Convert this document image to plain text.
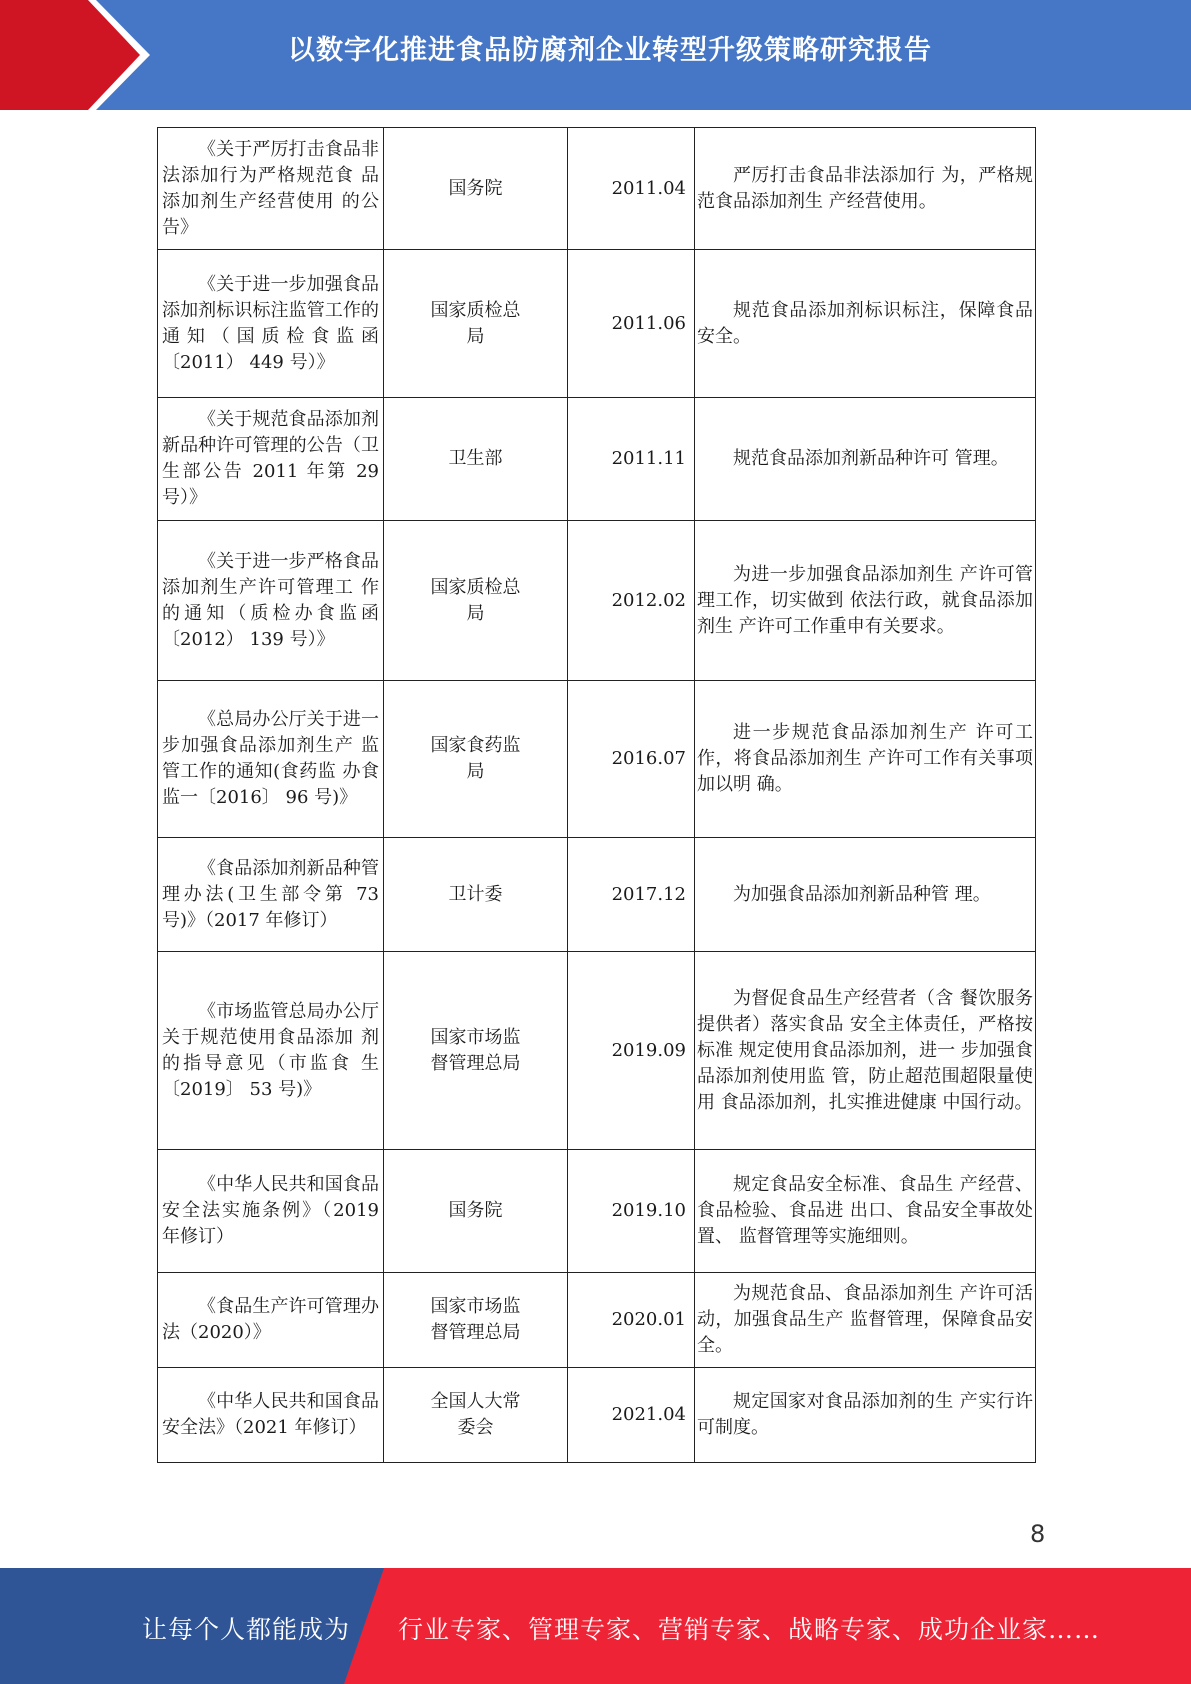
以数字化推进食品防腐剂企业转型升级策略研究报告
《关于严厉打击食品非 法添加行为严格规范食 品添加剂生产经营使用 的公告》	国务院	2011.04	严厉打击食品非法添加行 为，严格规范食品添加剂生 产经营使用。
《关于进一步加强食品 添加剂标识标注监管工作的通知（国质检食监函〔2011） 449 号）》	国家质检总局	2011.06	规范食品添加剂标识标注，保障食品安全。
《关于规范食品添加剂 新品种许可管理的公告（卫生部公告 2011 年第 29 号）》	卫生部	2011.11	规范食品添加剂新品种许可 管理。
《关于进一步严格食品 添加剂生产许可管理工 作的通知（质检办食监函〔2012） 139 号）》	国家质检总局	2012.02	为进一步加强食品添加剂生 产许可管理工作，切实做到 依法行政，就食品添加剂生 产许可工作重申有关要求。
《总局办公厅关于进一 步加强食品添加剂生产 监管工作的通知(食药监 办食监一〔2016〕 96 号)》	国家食药监局	2016.07	进一步规范食品添加剂生产 许可工作，将食品添加剂生 产许可工作有关事项加以明 确。
《食品添加剂新品种管 理办法(卫生部令第 73 号)》（2017 年修订）	卫计委	2017.12	为加强食品添加剂新品种管 理。
《市场监管总局办公厅 关于规范使用食品添加 剂的指导意见（市监食 生〔2019〕 53 号)》	国家市场监督管理总局	2019.09	为督促食品生产经营者（含 餐饮服务提供者）落实食品 安全主体责任，严格按标准 规定使用食品添加剂，进一 步加强食品添加剂使用监 管，防止超范围超限量使用 食品添加剂，扎实推进健康 中国行动。
《中华人民共和国食品 安全法实施条例》（2019 年修订）	国务院	2019.10	规定食品安全标准、食品生 产经营、食品检验、食品进 出口、食品安全事故处置、 监督管理等实施细则。
《食品生产许可管理办法（2020）》	国家市场监督管理总局	2020.01	为规范食品、食品添加剂生 产许可活动，加强食品生产 监督管理，保障食品安全。
《中华人民共和国食品 安全法》（2021 年修订）	全国人大常委会	2021.04	规定国家对食品添加剂的生 产实行许可制度。
8
让每个人都能成为 行业专家、管理专家、营销专家、战略专家、成功企业家……
